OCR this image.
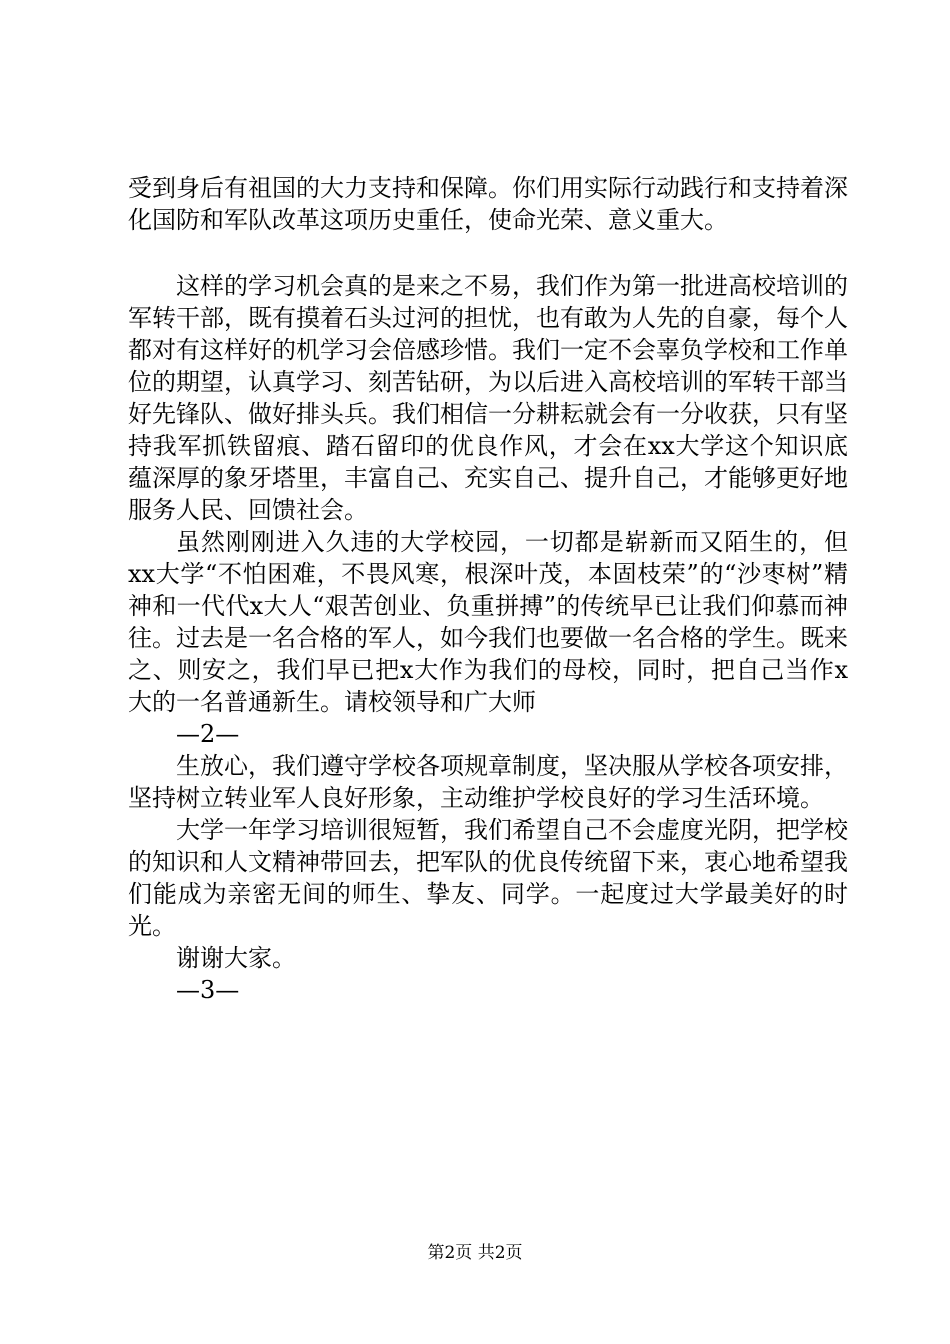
受到身后有祖国的大力支持和保障。你们用实际行动践行和支持着深化国防和军队改革这项历史重任，使命光荣、意义重大。

这样的学习机会真的是来之不易，我们作为第一批进高校培训的军转干部，既有摸着石头过河的担忧，也有敢为人先的自豪，每个人都对有这样好的机学习会倍感珍惜。我们一定不会辜负学校和工作单位的期望，认真学习、刻苦钻研，为以后进入高校培训的军转干部当好先锋队、做好排头兵。我们相信一分耕耘就会有一分收获，只有坚持我军抓铁留痕、踏石留印的优良作风，才会在xx大学这个知识底蕴深厚的象牙塔里，丰富自己、充实自己、提升自己，才能够更好地服务人民、回馈社会。

虽然刚刚进入久违的大学校园，一切都是崭新而又陌生的，但xx大学“不怕困难，不畏风寒，根深叶茂，本固枝荣”的“沙枣树”精神和一代代x大人“艰苦创业、负重拼搏”的传统早已让我们仰慕而神往。过去是一名合格的军人，如今我们也要做一名合格的学生。既来之、则安之，我们早已把x大作为我们的母校，同时，把自己当作x大的一名普通新生。请校领导和广大师

—2—

生放心，我们遵守学校各项规章制度，坚决服从学校各项安排，坚持树立转业军人良好形象，主动维护学校良好的学习生活环境。

大学一年学习培训很短暂，我们希望自己不会虚度光阴，把学校的知识和人文精神带回去，把军队的优良传统留下来，衷心地希望我们能成为亲密无间的师生、挚友、同学。一起度过大学最美好的时光。

谢谢大家。

—3—

第2页 共2页
